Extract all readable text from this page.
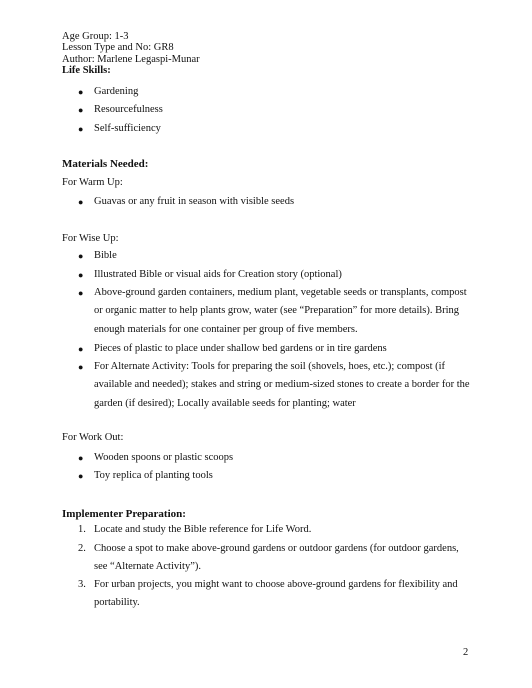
Age Group: 1-3
Lesson Type and No: GR8
Author: Marlene Legaspi-Munar
Life Skills:
●	Gardening
●	Resourcefulness
●	Self-sufficiency
Materials Needed:
For Warm Up:
●	Guavas or any fruit in season with visible seeds
For Wise Up:
●	Bible
●	Illustrated Bible or visual aids for Creation story (optional)
●	Above-ground garden containers, medium plant, vegetable seeds or transplants, compost or organic matter to help plants grow, water (see “Preparation” for more details). Bring enough materials for one container per group of five members.
●	Pieces of plastic to place under shallow bed gardens or in tire gardens
●	For Alternate Activity: Tools for preparing the soil (shovels, hoes, etc.); compost (if available and needed); stakes and string or medium-sized stones to create a border for the garden (if desired); Locally available seeds for planting; water
For Work Out:
●	Wooden spoons or plastic scoops
●	Toy replica of planting tools
Implementer Preparation:
1. Locate and study the Bible reference for Life Word.
2. Choose a spot to make above-ground gardens or outdoor gardens (for outdoor gardens, see “Alternate Activity”).
3. For urban projects, you might want to choose above-ground gardens for flexibility and portability.
2
